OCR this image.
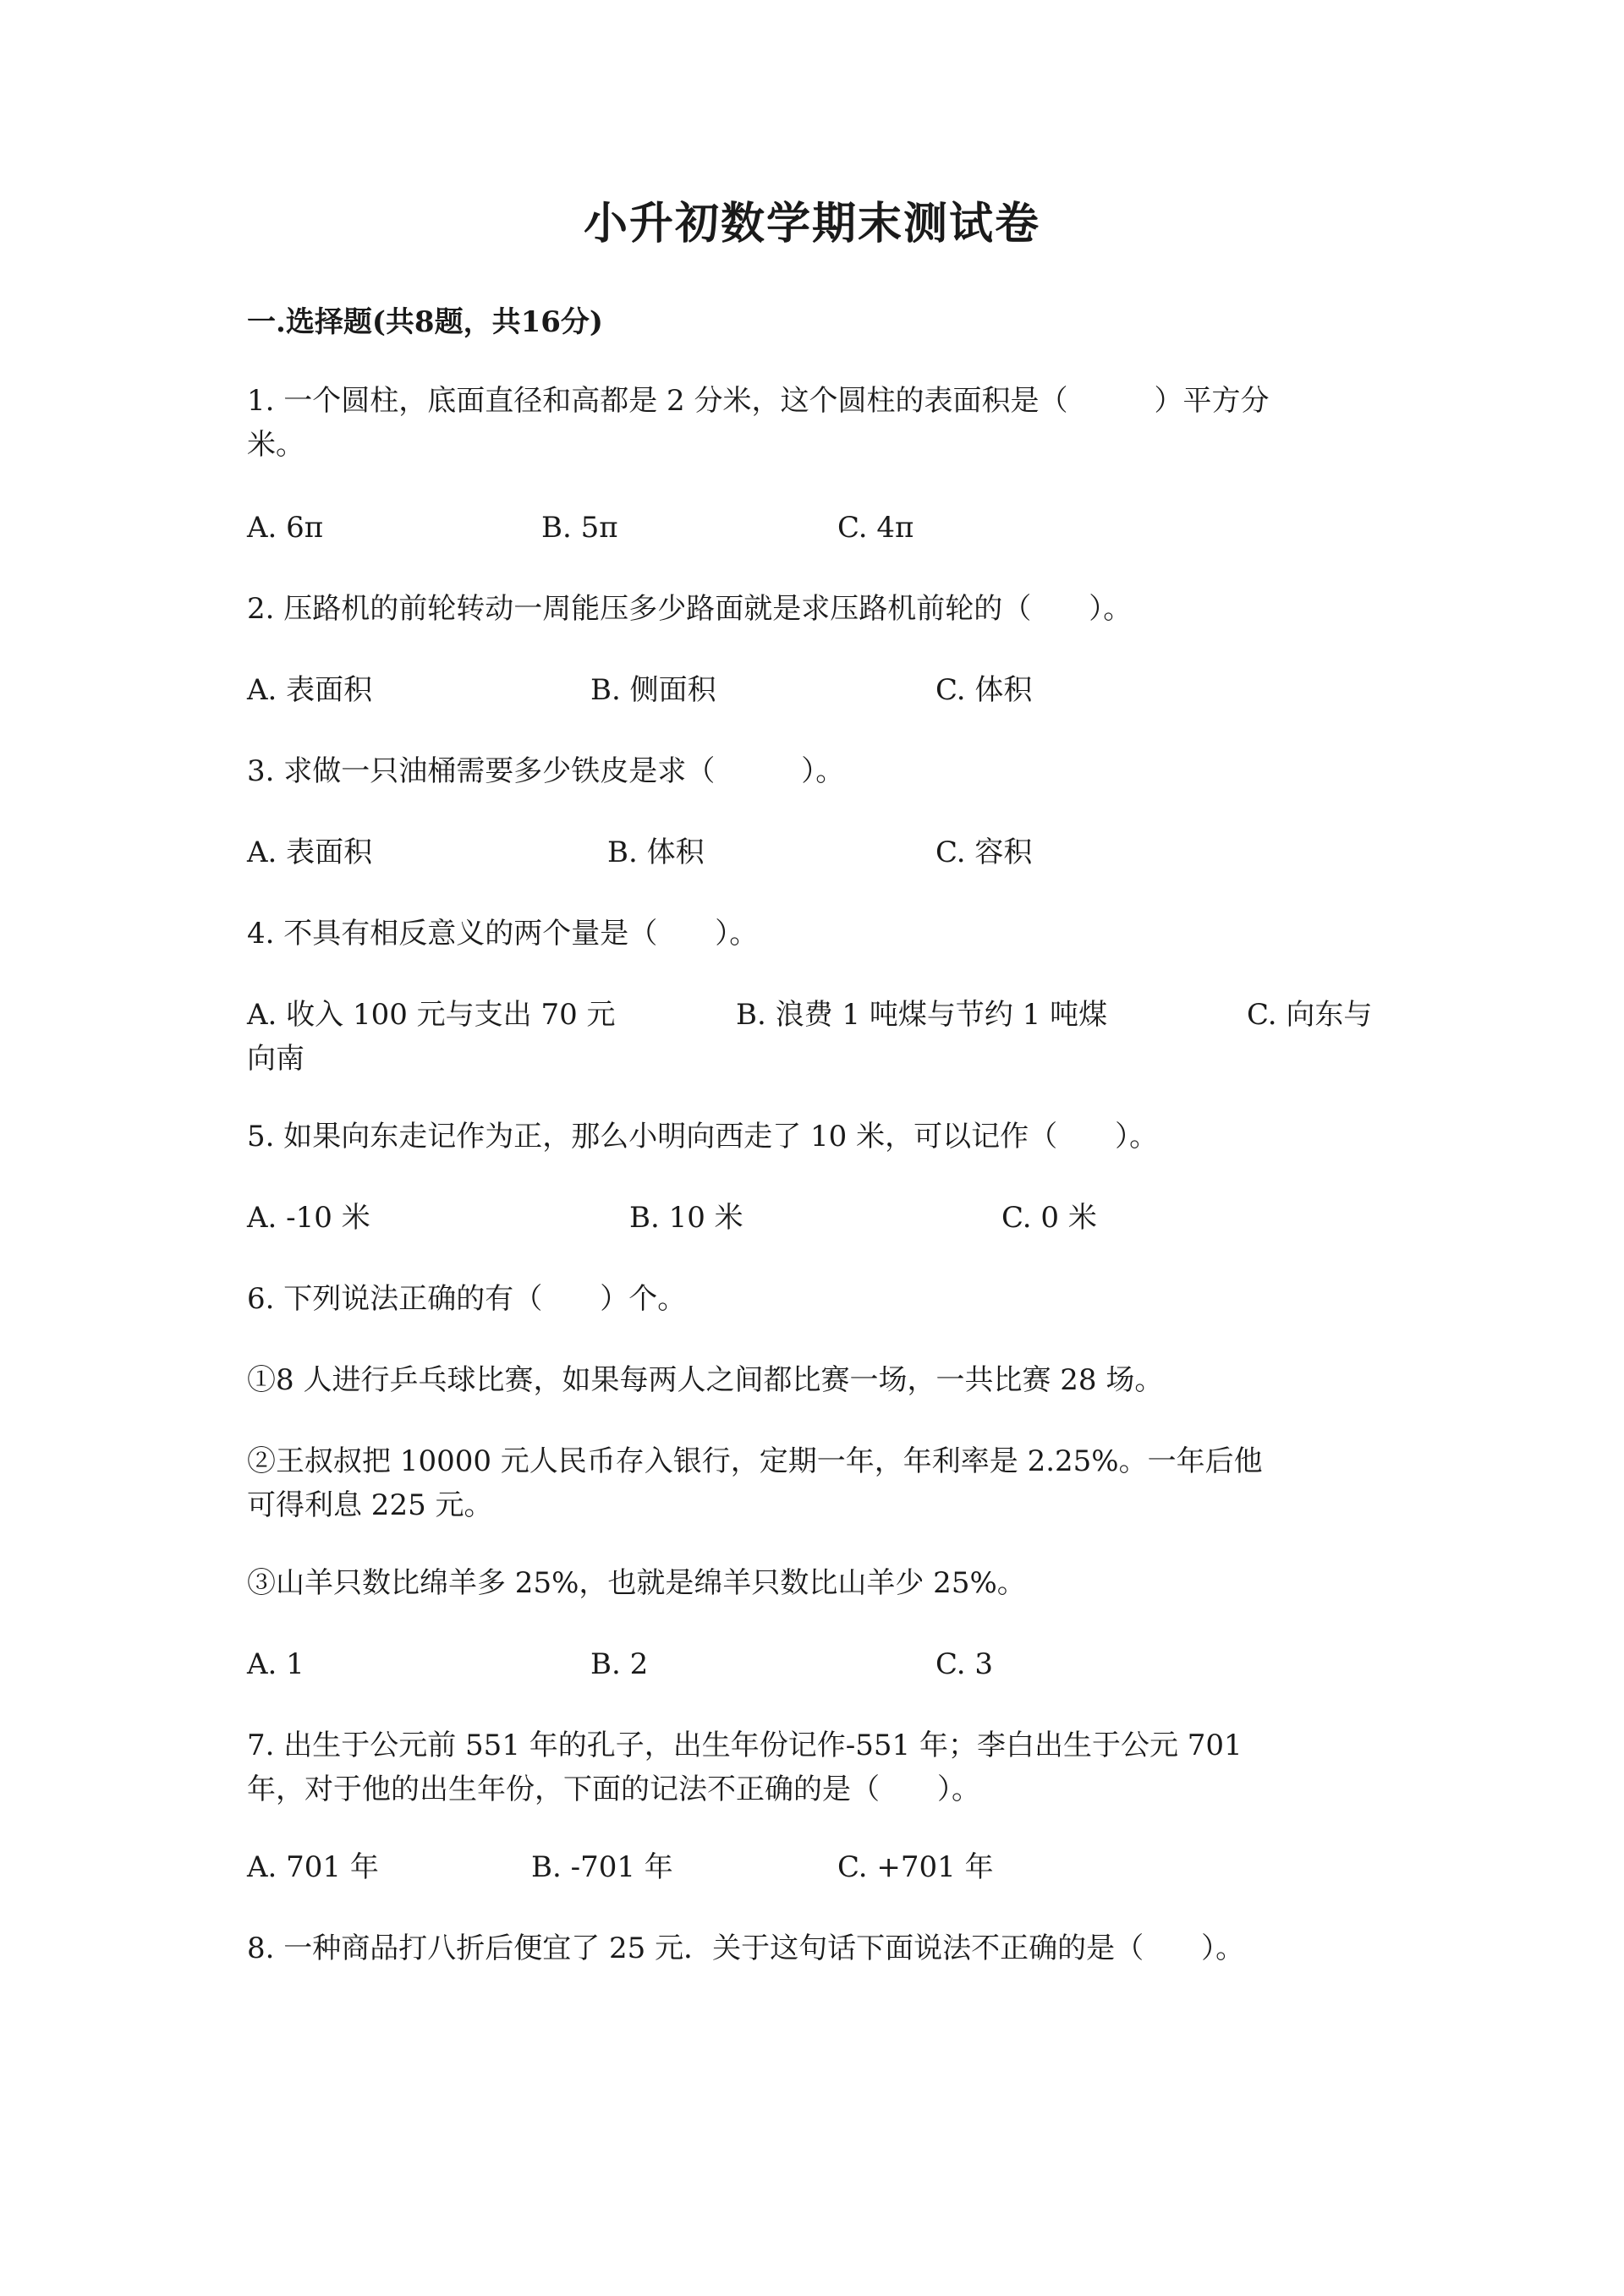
小升初数学期末测试卷
一.选择题(共8题，共16分)
1. 一个圆柱，底面直径和高都是 2 分米，这个圆柱的表面积是（　　　）平方分
米。
A. 6π	B. 5π	C. 4π
2. 压路机的前轮转动一周能压多少路面就是求压路机前轮的（　　）。
A. 表面积	B. 侧面积	C. 体积
3. 求做一只油桶需要多少铁皮是求（　　　）。
A. 表面积	B. 体积	C. 容积
4. 不具有相反意义的两个量是（　　）。
A. 收入 100 元与支出 70 元	B. 浪费 1 吨煤与节约 1 吨煤	C. 向东与
向南
5. 如果向东走记作为正，那么小明向西走了 10 米，可以记作（　　）。
A. -10 米	B. 10 米	C. 0 米
6. 下列说法正确的有（　　）个。
①8 人进行乒乓球比赛，如果每两人之间都比赛一场，一共比赛 28 场。
②王叔叔把 10000 元人民币存入银行，定期一年，年利率是 2.25%。一年后他
可得利息 225 元。
③山羊只数比绵羊多 25%，也就是绵羊只数比山羊少 25%。
A. 1	B. 2	C. 3
7. 出生于公元前 551 年的孔子，出生年份记作-551 年；李白出生于公元 701
年，对于他的出生年份，下面的记法不正确的是（　　）。
A. 701 年	B. -701 年	C. +701 年
8. 一种商品打八折后便宜了 25 元．关于这句话下面说法不正确的是（　　）。
